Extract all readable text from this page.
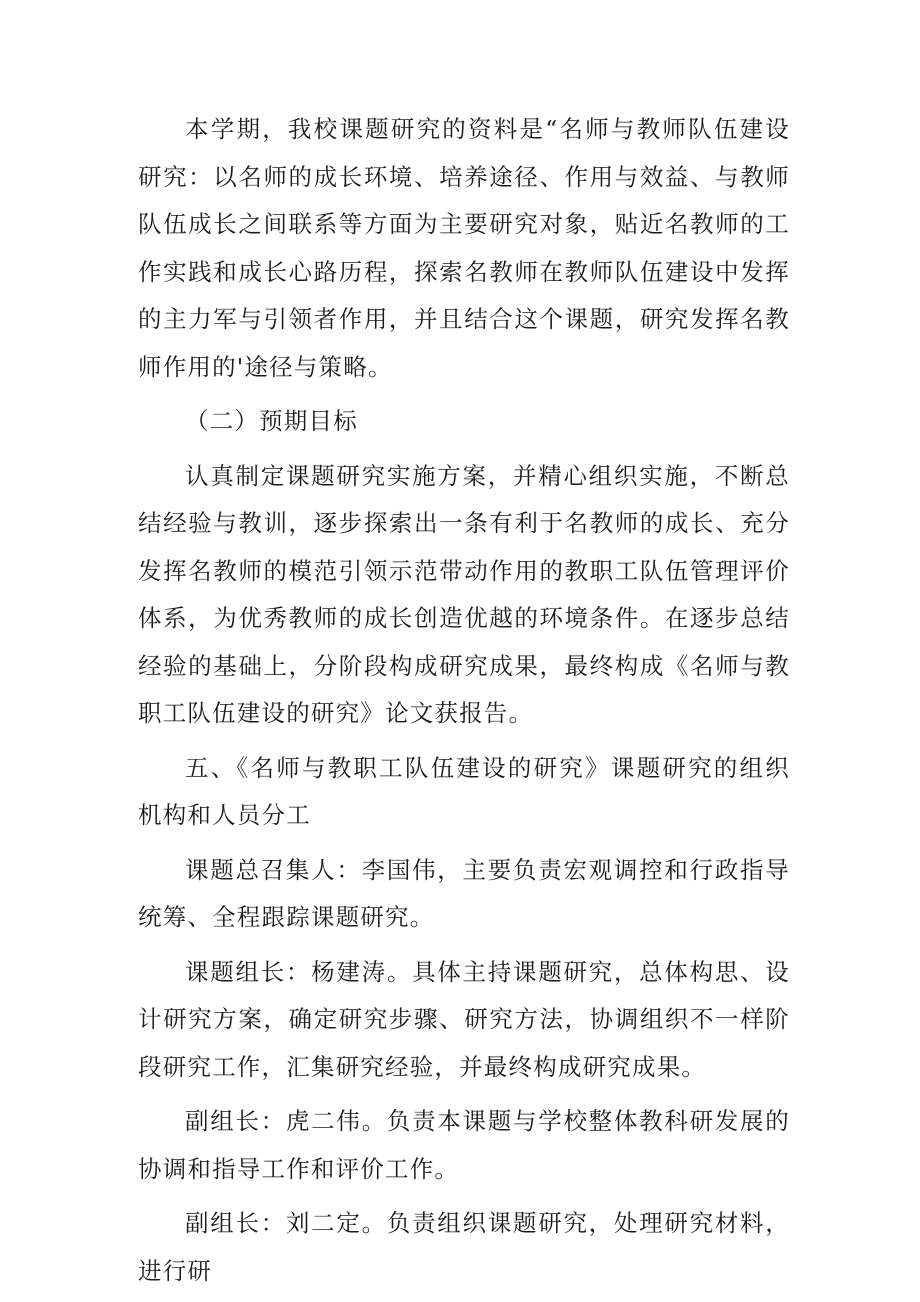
本学期，我校课题研究的资料是“名师与教师队伍建设研究：以名师的成长环境、培养途径、作用与效益、与教师队伍成长之间联系等方面为主要研究对象，贴近名教师的工作实践和成长心路历程，探索名教师在教师队伍建设中发挥的主力军与引领者作用，并且结合这个课题，研究发挥名教师作用的'途径与策略。

（二）预期目标

认真制定课题研究实施方案，并精心组织实施，不断总结经验与教训，逐步探索出一条有利于名教师的成长、充分发挥名教师的模范引领示范带动作用的教职工队伍管理评价体系，为优秀教师的成长创造优越的环境条件。在逐步总结经验的基础上，分阶段构成研究成果，最终构成《名师与教职工队伍建设的研究》论文获报告。

五、《名师与教职工队伍建设的研究》课题研究的组织机构和人员分工

课题总召集人：李国伟，主要负责宏观调控和行政指导统筹、全程跟踪课题研究。

课题组长：杨建涛。具体主持课题研究，总体构思、设计研究方案，确定研究步骤、研究方法，协调组织不一样阶段研究工作，汇集研究经验，并最终构成研究成果。

副组长：虎二伟。负责本课题与学校整体教科研发展的协调和指导工作和评价工作。

副组长：刘二定。负责组织课题研究，处理研究材料，进行研
